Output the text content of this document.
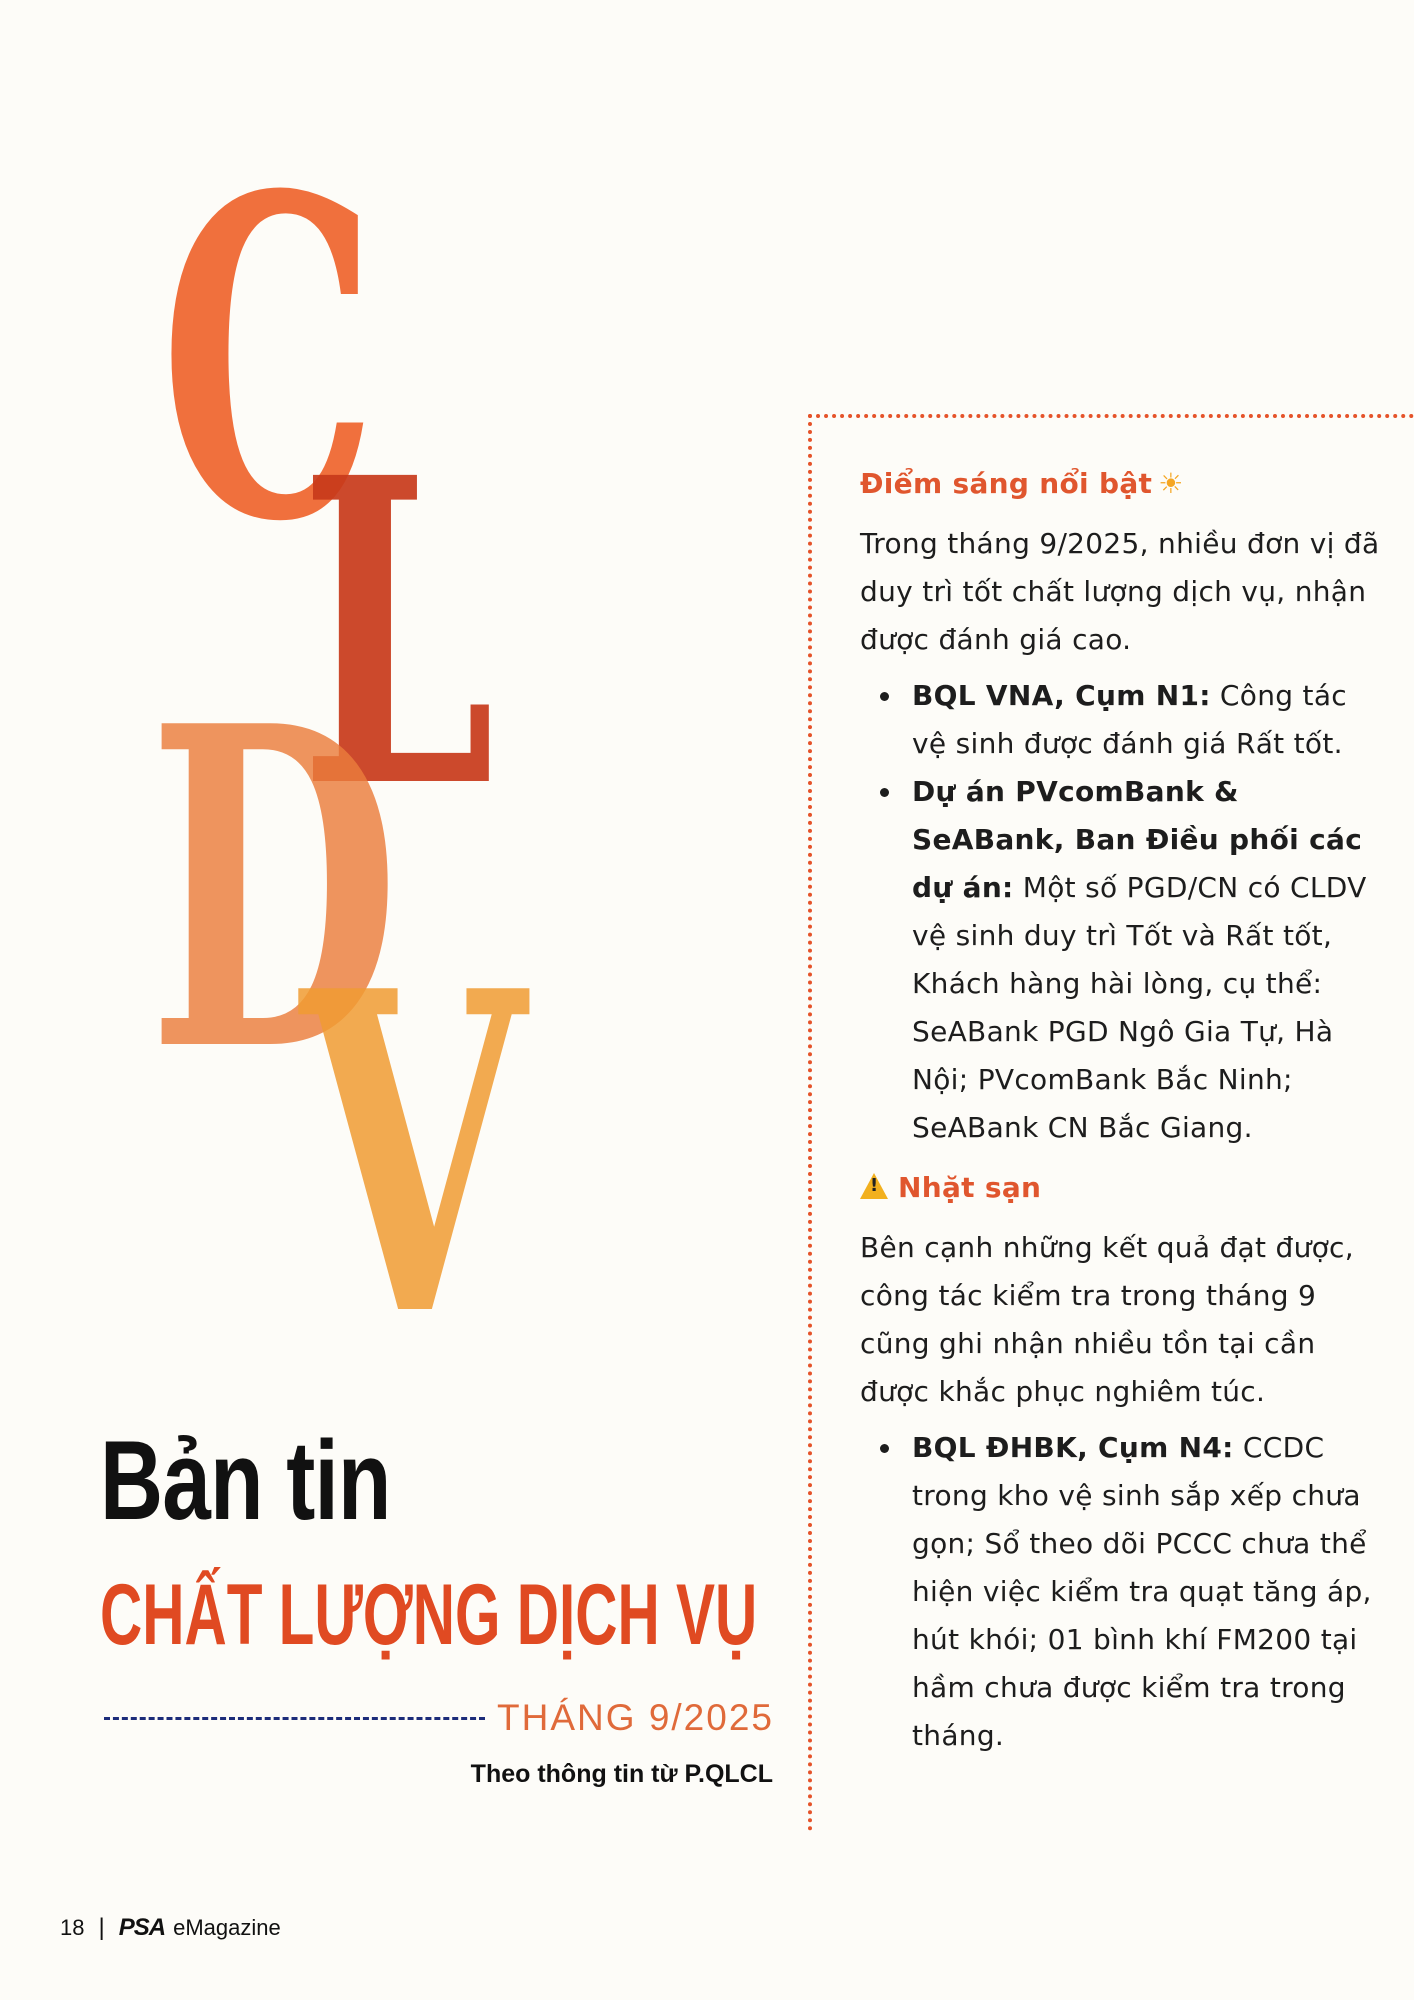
C
L
D
V
Bản tin
CHẤT LƯỢNG DỊCH VỤ
THÁNG 9/2025
Theo thông tin từ P.QLCL
Điểm sáng nổi bật ☀

Trong tháng 9/2025, nhiều đơn vị đã duy trì tốt chất lượng dịch vụ, nhận được đánh giá cao.

BQL VNA, Cụm N1: Công tác vệ sinh được đánh giá Rất tốt.
Dự án PVcomBank & SeABank, Ban Điều phối các dự án: Một số PGD/CN có CLDV vệ sinh duy trì Tốt và Rất tốt, Khách hàng hài lòng, cụ thể: SeABank PGD Ngô Gia Tự, Hà Nội; PVcomBank Bắc Ninh; SeABank CN Bắc Giang.
!Nhặt sạn

Bên cạnh những kết quả đạt được, công tác kiểm tra trong tháng 9 cũng ghi nhận nhiều tồn tại cần được khắc phục nghiêm túc.

BQL ĐHBK, Cụm N4: CCDC trong kho vệ sinh sắp xếp chưa gọn; Sổ theo dõi PCCC chưa thể hiện việc kiểm tra quạt tăng áp, hút khói; 01 bình khí FM200 tại hầm chưa được kiểm tra trong tháng.
18 | PSA eMagazine
